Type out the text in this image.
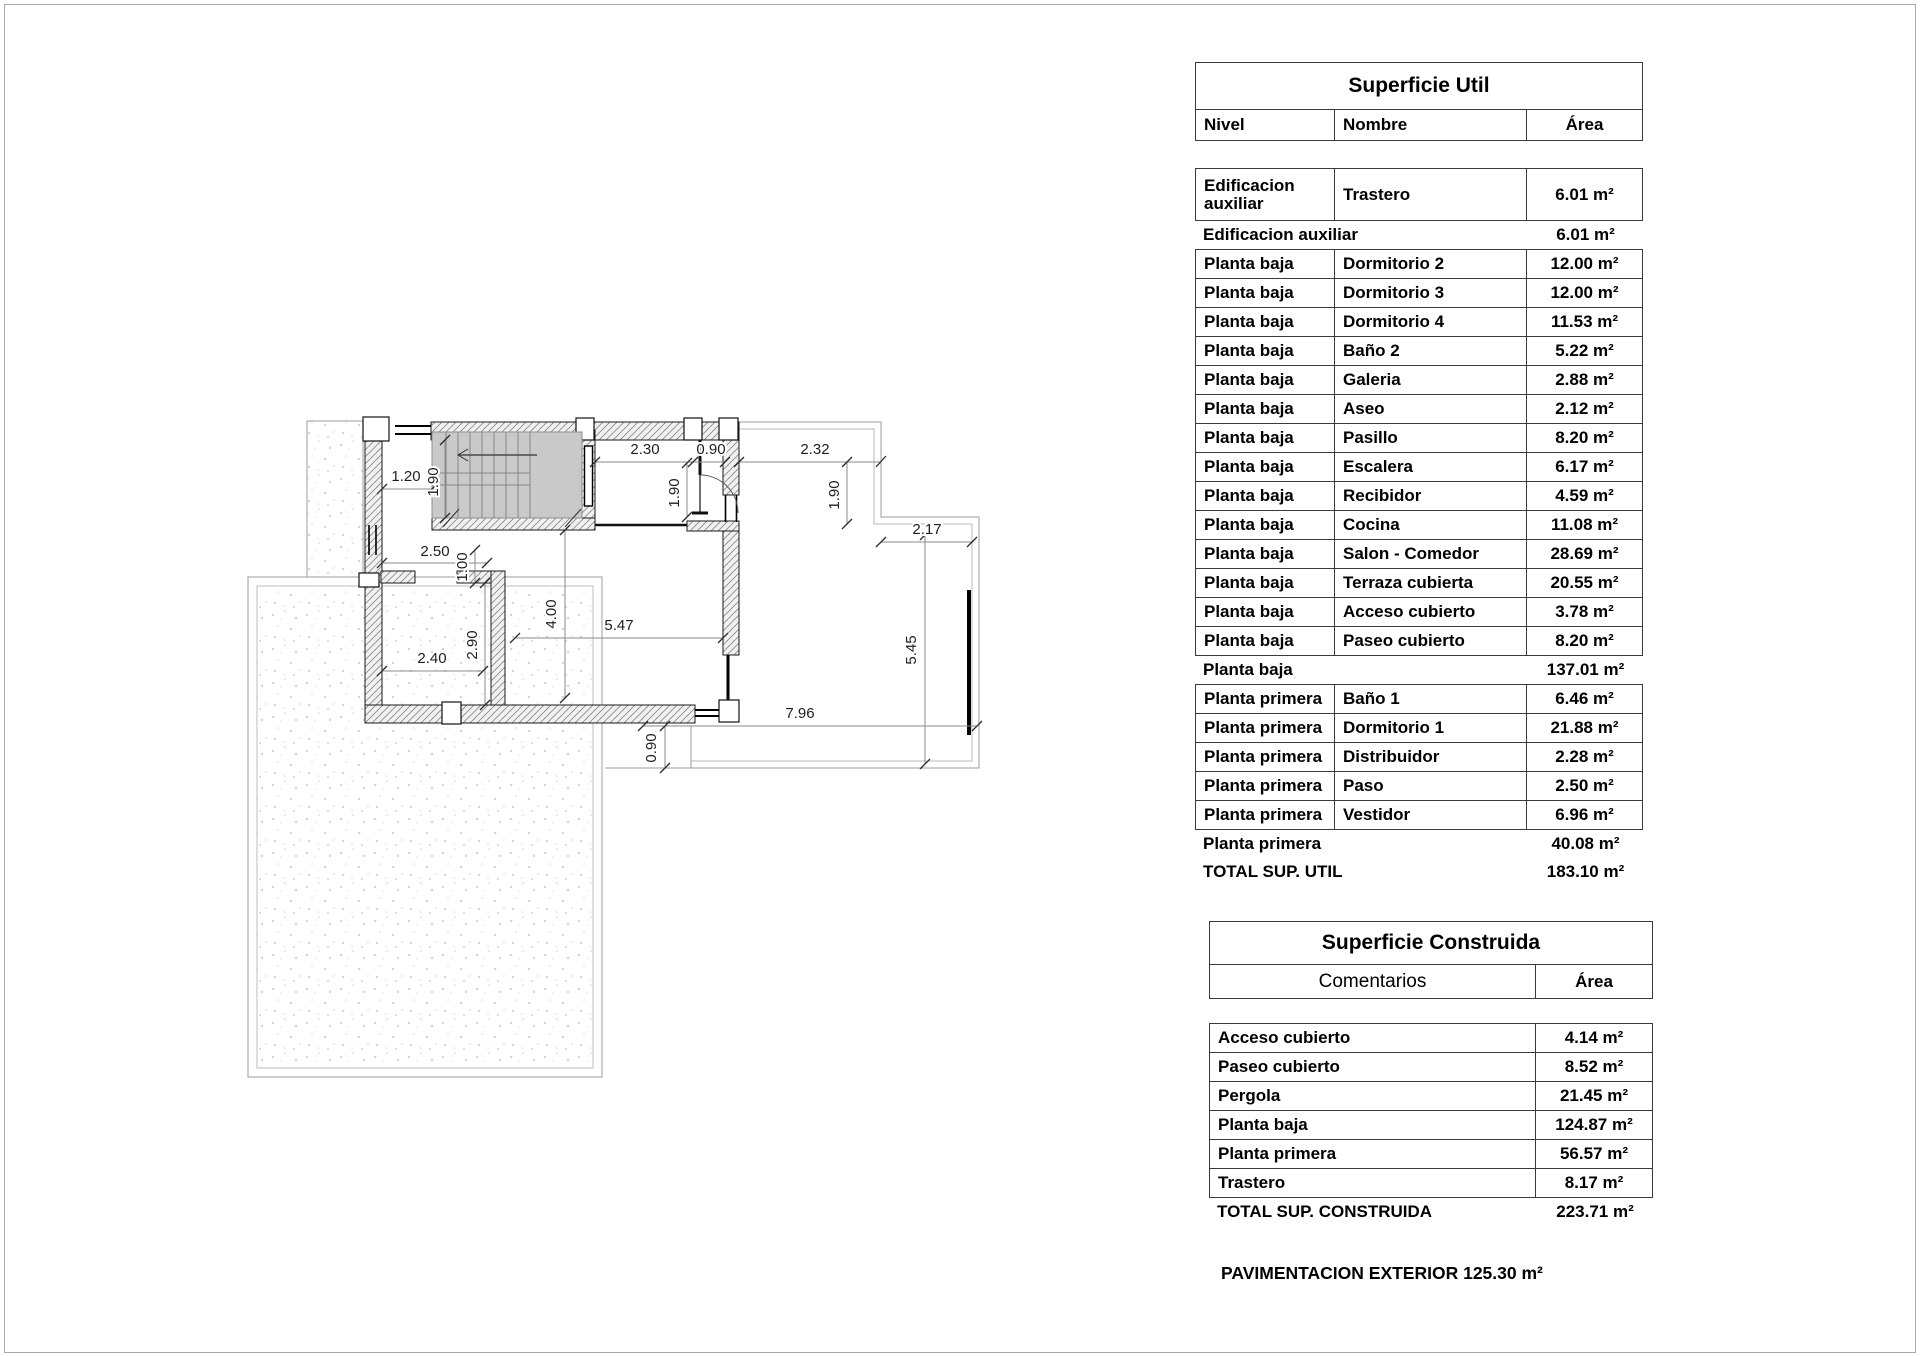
1.90
1.20
2.30 0.90	2.32
1.90
1.90
2.17
2.50
1.00
4.00	5.47
2.90
2.40	5.45
7.96
0.90
Superficie Util
Nivel	Nombre	Área
Edificacion auxiliar	Trastero	6.01 m²
Edificacion auxiliar	6.01 m²
Planta baja	Dormitorio 2	12.00 m²
Planta baja	Dormitorio 3	12.00 m²
Planta baja	Dormitorio 4	11.53 m²
Planta baja	Baño 2	5.22 m²
Planta baja	Galeria	2.88 m²
Planta baja	Aseo	2.12 m²
Planta baja	Pasillo	8.20 m²
Planta baja	Escalera	6.17 m²
Planta baja	Recibidor	4.59 m²
Planta baja	Cocina	11.08 m²
Planta baja	Salon - Comedor	28.69 m²
Planta baja	Terraza cubierta	20.55 m²
Planta baja	Acceso cubierto	3.78 m²
Planta baja	Paseo cubierto	8.20 m²
Planta baja	137.01 m²
Planta primera	Baño 1	6.46 m²
Planta primera	Dormitorio 1	21.88 m²
Planta primera	Distribuidor	2.28 m²
Planta primera	Paso	2.50 m²
Planta primera	Vestidor	6.96 m²
Planta primera	40.08 m²
TOTAL SUP. UTIL	183.10 m²
Superficie Construida
Comentarios	Área
Acceso cubierto	4.14 m²
Paseo cubierto	8.52 m²
Pergola	21.45 m²
Planta baja	124.87 m²
Planta primera	56.57 m²
Trastero	8.17 m²
TOTAL SUP. CONSTRUIDA	223.71 m²
PAVIMENTACION EXTERIOR 125.30 m²
